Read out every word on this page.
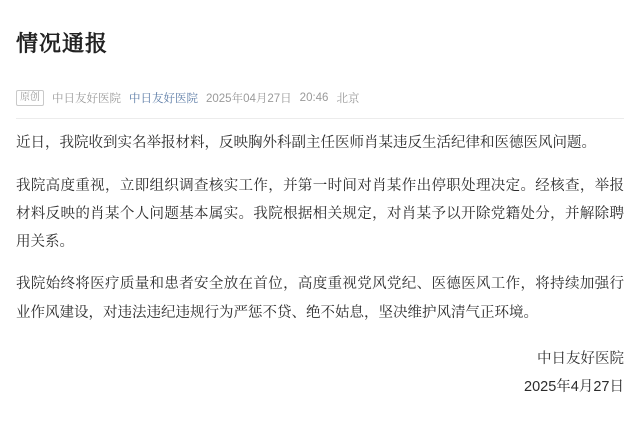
情况通报
原创	中日友好医院 中日友好医院 2025年04月27日 20:46 北京

近日，我院收到实名举报材料，反映胸外科副主任医师肖某违反生活纪律和医德医风问题。

我院高度重视，立即组织调查核实工作，并第一时间对肖某作出停职处理决定。经核查，举报材料反映的肖某个人问题基本属实。我院根据相关规定，对肖某予以开除党籍处分，并解除聘用关系。

我院始终将医疗质量和患者安全放在首位，高度重视党风党纪、医德医风工作，将持续加强行业作风建设，对违法违纪违规行为严惩不贷、绝不姑息，坚决维护风清气正环境。

中日友好医院
2025年4月27日
